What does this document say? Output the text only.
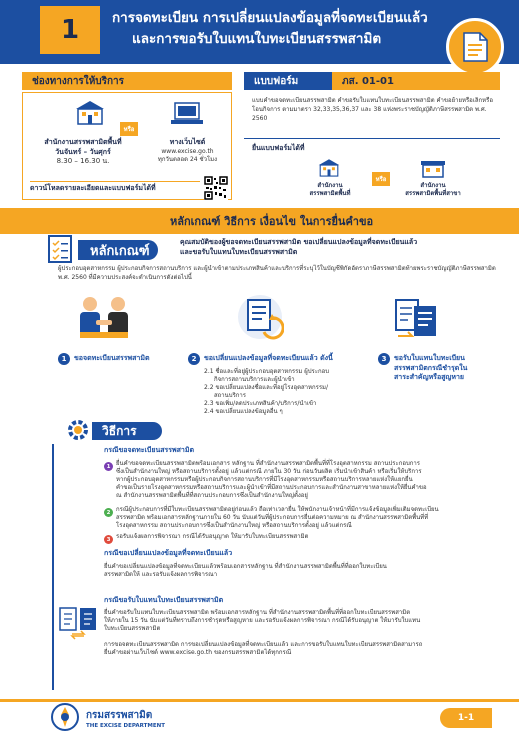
1	การจดทะเบียน การเปลี่ยนแปลงข้อมูลที่จดทะเบียนแล้ว
และการขอรับใบแทนใบทะเบียนสรรพสามิต
ช่องทางการให้บริการ
หรือ
สำนักงานสรรพสามิตพื้นที่
วันจันทร์ – วันศุกร์
8.30 – 16.30 น.
ทางเว็บไซต์
www.excise.go.th
ทุกวันตลอด 24 ชั่วโมง
ดาวน์โหลดรายละเอียดและแบบฟอร์มได้ที่
แบบฟอร์ม	ภส. 01-01
แบบคำขอจดทะเบียนสรรพสามิต คำขอรับใบแทนใบทะเบียนสรรพสามิต คำขอย้ายหรือเลิกหรือโอนกิจการ ตามมาตรา 32,33,35,36,37 และ 38 แห่งพระราชบัญญัติภาษีสรรพสามิต พ.ศ. 2560
ยื่นแบบฟอร์มได้ที่
หรือ
สำนักงาน
สรรพสามิตพื้นที่
สำนักงาน
สรรพสามิตพื้นที่สาขา
หลักเกณฑ์ วิธีการ เงื่อนไข ในการยื่นคำขอ
หลักเกณฑ์
คุณสมบัติของผู้ขอจดทะเบียนสรรพสามิต ขอเปลี่ยนแปลงข้อมูลที่จดทะเบียนแล้ว
และขอรับใบแทนใบทะเบียนสรรพสามิต
ผู้ประกอบอุตสาหกรรม ผู้ประกอบกิจการสถานบริการ และผู้นำเข้าตามประเภทสินค้าและบริการที่ระบุไว้ในบัญชีพิกัดอัตราภาษีสรรพสามิตท้ายพระราชบัญญัติภาษีสรรพสามิต พ.ศ. 2560 ที่มีความประสงค์จะดำเนินการดังต่อไปนี้
1	ขอจดทะเบียนสรรพสามิต	2	ขอเปลี่ยนแปลงข้อมูลที่จดทะเบียนแล้ว ดังนี้
2.1 ชื่อและที่อยู่ผู้ประกอบอุตสาหกรรม ผู้ประกอบ
กิจการสถานบริการและผู้นำเข้า
2.2 ขอเปลี่ยนแปลงชื่อและที่อยู่โรงอุตสาหกรรม/
สถานบริการ
2.3 ขอเพิ่ม/ลดประเภทสินค้า/บริการ/นำเข้า
2.4 ขอเปลี่ยนแปลงข้อมูลอื่น ๆ
3	ขอรับใบแทนใบทะเบียน
สรรพสามิตกรณีชำรุดใน
สาระสำคัญหรือสูญหาย
วิธีการ
กรณีขอจดทะเบียนสรรพสามิต
1 ยื่นคำขอจดทะเบียนสรรพสามิตพร้อมเอกสาร หลักฐาน ที่สำนักงานสรรพสามิตพื้นที่ที่โรงอุตสาหกรรม สถานประกอบการ
ซึ่งเป็นสำนักงานใหญ่ หรือสถานบริการตั้งอยู่ แล้วแต่กรณี ภายใน 30 วัน ก่อนวันผลิต เริ่มนำเข้าสินค้า หรือเริ่มให้บริการ
หากผู้ประกอบอุตสาหกรรมหรือผู้ประกอบกิจการสถานบริการที่มีโรงอุตสาหกรรมหรือสถานบริการหลายแห่งให้แยกยื่น
คำขอเป็นรายโรงอุตสาหกรรมหรือสถานบริการและผู้นำเข้าที่มีสถานประกอบการและสำนักงานสาขาหลายแห่งให้ยื่นคำขอ
ณ สำนักงานสรรพสามิตพื้นที่ที่สถานประกอบการซึ่งเป็นสำนักงานใหญ่ตั้งอยู่
2 กรณีผู้ประกอบการที่มีใบทะเบียนสรรพสามิตอยู่ก่อนแล้ว ถือเท่าเวลายื่น ให้พนักงานเจ้าหน้าที่มีการแจ้งข้อมูลเพิ่มเติมจดทะเบียน
สรรพสามิต พร้อมเอกสารหลักฐานภายใน 60 วัน นับแต่วันที่ผู้ประกอบการยื่นต่อความหมาย ณ สำนักงานสรรพสามิตพื้นที่ที่
โรงอุตสาหกรรม สถานประกอบการซึ่งเป็นสำนักงานใหญ่ หรือสถานบริการตั้งอยู่ แล้วแต่กรณี
3 รอรับแจ้งผลการพิจารณา กรณีได้รับอนุญาต ให้มารับใบทะเบียนสรรพสามิต
กรณีขอเปลี่ยนแปลงข้อมูลที่จดทะเบียนแล้ว
ยื่นคำขอเปลี่ยนแปลงข้อมูลที่จดทะเบียนแล้วพร้อมเอกสารหลักฐาน ที่สำนักงานสรรพสามิตพื้นที่ที่ออกใบทะเบียน
สรรพสามิตให้ และรอรับแจ้งผลการพิจารณา
กรณีขอรับใบแทนใบทะเบียนสรรพสามิต
ยื่นคำขอรับใบแทนใบทะเบียนสรรพสามิต พร้อมเอกสารหลักฐาน ที่สำนักงานสรรพสามิตพื้นที่ที่ออกใบทะเบียนสรรพสามิต
ให้ภายใน 15 วัน นับแต่วันที่ทราบถึงการชำรุดหรือสูญหาย และรอรับแจ้งผลการพิจารณา กรณีได้รับอนุญาต ให้มารับใบแทน
ใบทะเบียนสรรพสามิต
การขอจดทะเบียนสรรพสามิต การขอเปลี่ยนแปลงข้อมูลที่จดทะเบียนแล้ว และการขอรับใบแทนใบทะเบียนสรรพสามิตสามารถ
ยื่นคำขอผ่านเว็บไซต์ www.excise.go.th ของกรมสรรพสามิตได้ทุกกรณี
กรมสรรพสามิต
THE EXCISE DEPARTMENT
1-1
